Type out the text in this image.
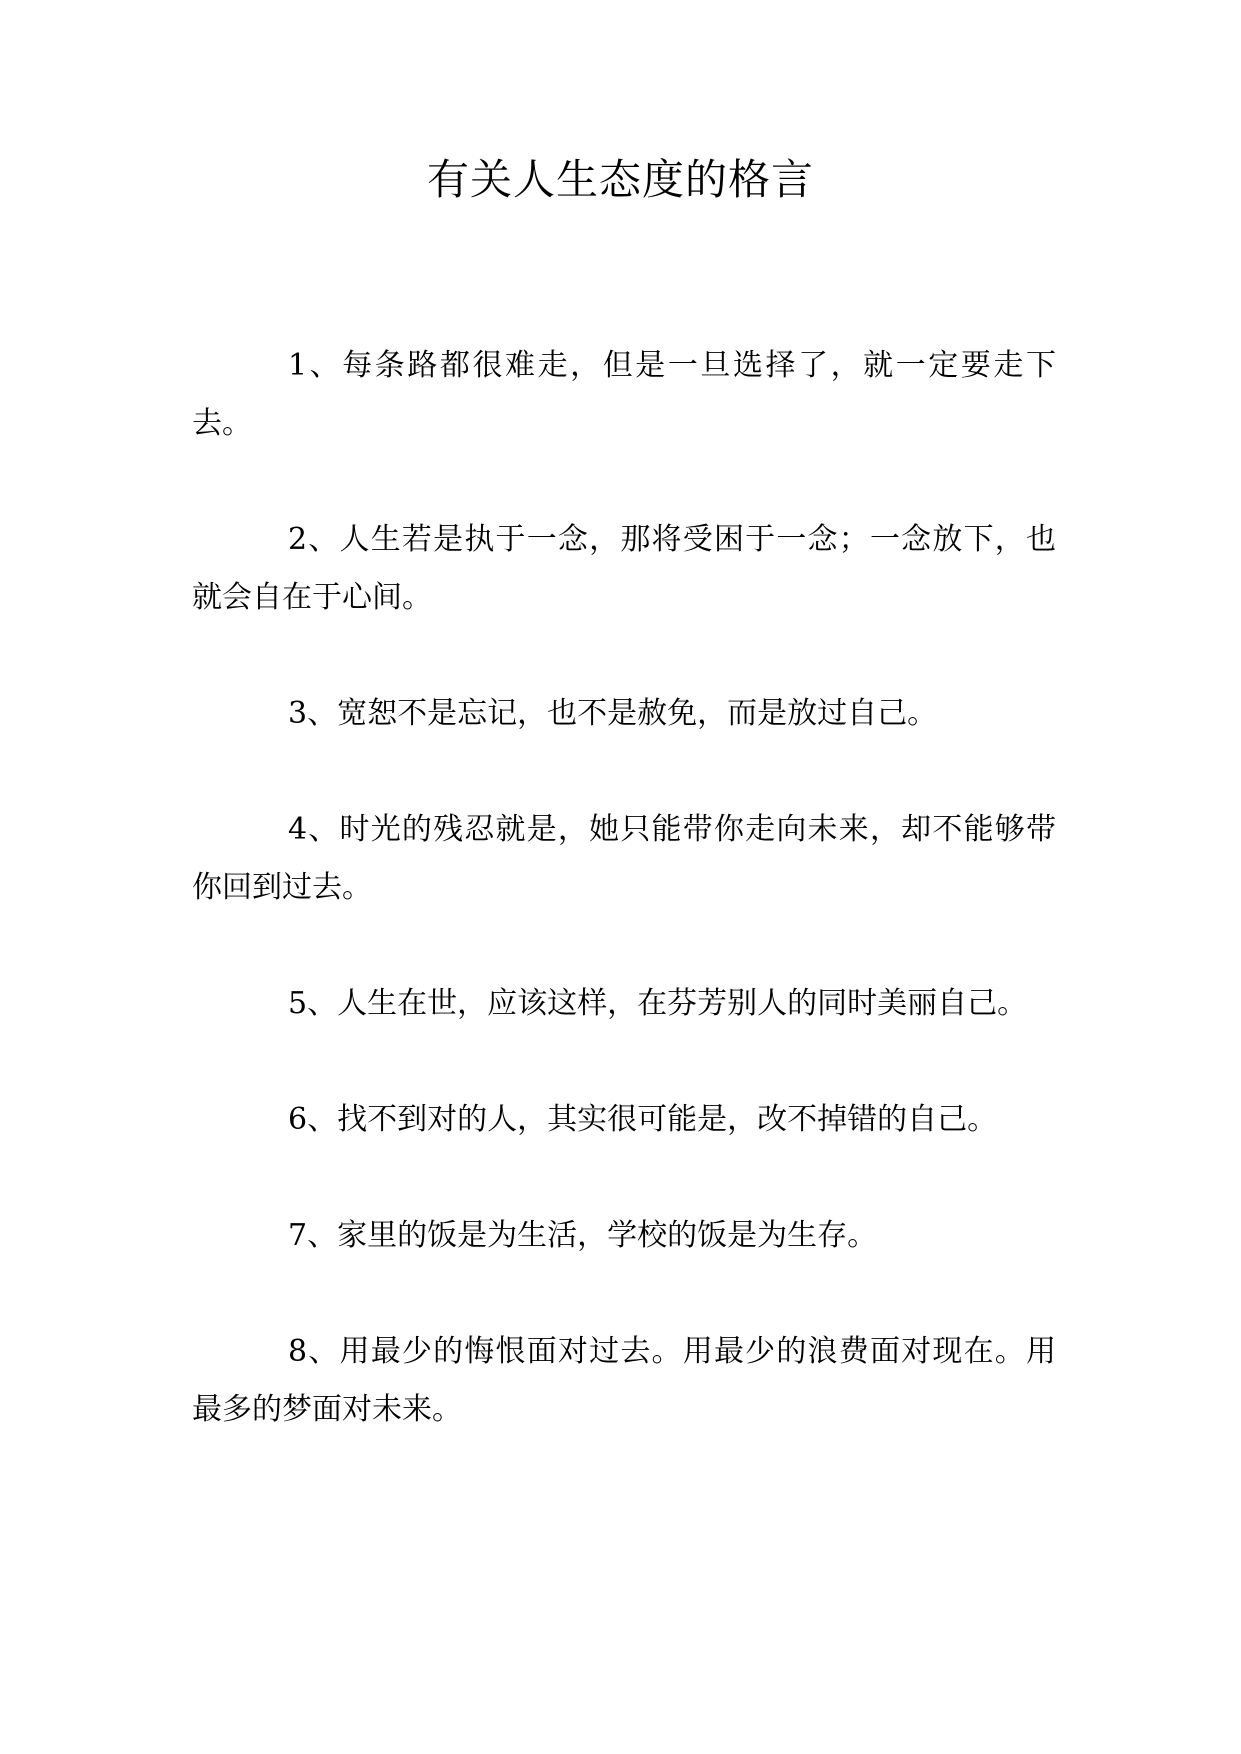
有关人生态度的格言

1、每条路都很难走，但是一旦选择了，就一定要走下去。

2、人生若是执于一念，那将受困于一念；一念放下，也就会自在于心间。

3、宽恕不是忘记，也不是赦免，而是放过自己。

4、时光的残忍就是，她只能带你走向未来，却不能够带你回到过去。

5、人生在世，应该这样，在芬芳别人的同时美丽自己。

6、找不到对的人，其实很可能是，改不掉错的自己。

7、家里的饭是为生活，学校的饭是为生存。

8、用最少的悔恨面对过去。用最少的浪费面对现在。用最多的梦面对未来。
